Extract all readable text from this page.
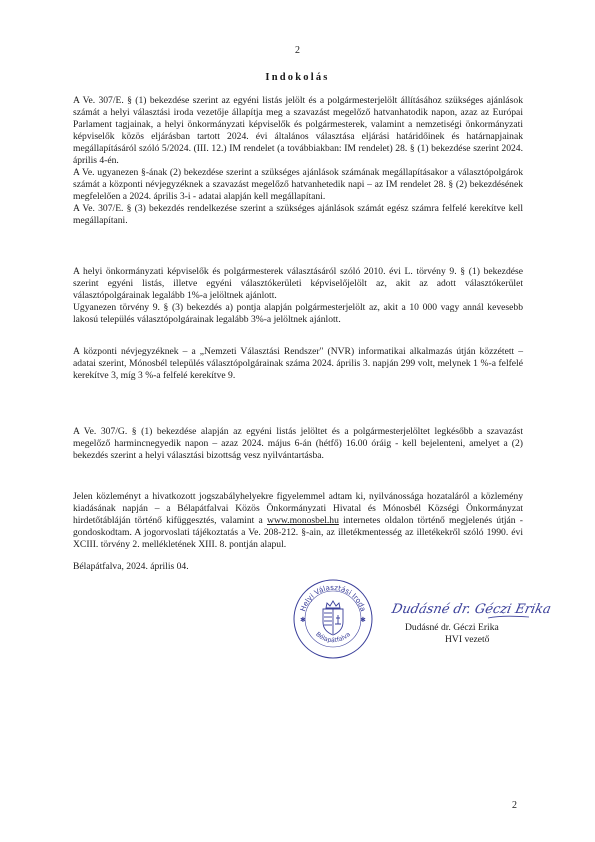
2
Indokolás

A Ve. 307/E. § (1) bekezdése szerint az egyéni listás jelölt és a polgármesterjelölt állításához szükséges ajánlások számát a helyi választási iroda vezetője állapítja meg a szavazást megelőző hatvanhatodik napon, azaz az Európai Parlament tagjainak, a helyi önkormányzati képviselők és polgármesterek, valamint a nemzetiségi önkormányzati képviselők közös eljárásban tartott 2024. évi általános választása eljárási határidőinek és határnapjainak megállapításáról szóló 5/2024. (III. 12.) IM rendelet (a továbbiakban: IM rendelet) 28. § (1) bekezdése szerint 2024. április 4-én.

A Ve. ugyanezen §-ának (2) bekezdése szerint a szükséges ajánlások számának megállapításakor a választópolgárok számát a központi névjegyzéknek a szavazást megelőző hatvanhetedik napi – az IM rendelet 28. § (2) bekezdésének megfelelően a 2024. április 3-i - adatai alapján kell megállapítani.

A Ve. 307/E. § (3) bekezdés rendelkezése szerint a szükséges ajánlások számát egész számra felfelé kerekítve kell megállapítani.

A helyi önkormányzati képviselők és polgármesterek választásáról szóló 2010. évi L. törvény 9. § (1) bekezdése szerint egyéni listás, illetve egyéni választókerületi képviselőjelölt az, akit az adott választókerület választópolgárainak legalább 1%-a jelöltnek ajánlott.

Ugyanezen törvény 9. § (3) bekezdés a) pontja alapján polgármesterjelölt az, akit a 10 000 vagy annál kevesebb lakosú település választópolgárainak legalább 3%-a jelöltnek ajánlott.

A központi névjegyzéknek – a „Nemzeti Választási Rendszer" (NVR) informatikai alkalmazás útján közzétett – adatai szerint, Mónosbél település választópolgárainak száma 2024. április 3. napján 299 volt, melynek 1 %-a felfelé kerekítve 3, míg 3 %-a felfelé kerekítve 9.

A Ve. 307/G. § (1) bekezdése alapján az egyéni listás jelöltet és a polgármesterjelöltet legkésőbb a szavazást megelőző harmincnegyedik napon – azaz 2024. május 6-án (hétfő) 16.00 óráig - kell bejelenteni, amelyet a (2) bekezdés szerint a helyi választási bizottság vesz nyilvántartásba.

Jelen közleményt a hivatkozott jogszabályhelyekre figyelemmel adtam ki, nyilvánossága hozataláról a közlemény kiadásának napján – a Bélapátfalvai Közös Önkormányzati Hivatal és Mónosbél Községi Önkormányzat hirdetőtábláján történő kifüggesztés, valamint a www.monosbel.hu internetes oldalon történő megjelenés útján - gondoskodtam. A jogorvoslati tájékoztatás a Ve. 208-212. §-ain, az illetékmentesség az illetékekről szóló 1990. évi XCIII. törvény 2. mellékletének XIII. 8. pontján alapul.

Bélapátfalva, 2024. április 04.
Helyi Választási Iroda
Bélapátfalva
✱	✱
Dudásné dr. Géczi Erika
Dudásné dr. Géczi Erika
HVI vezető
2
